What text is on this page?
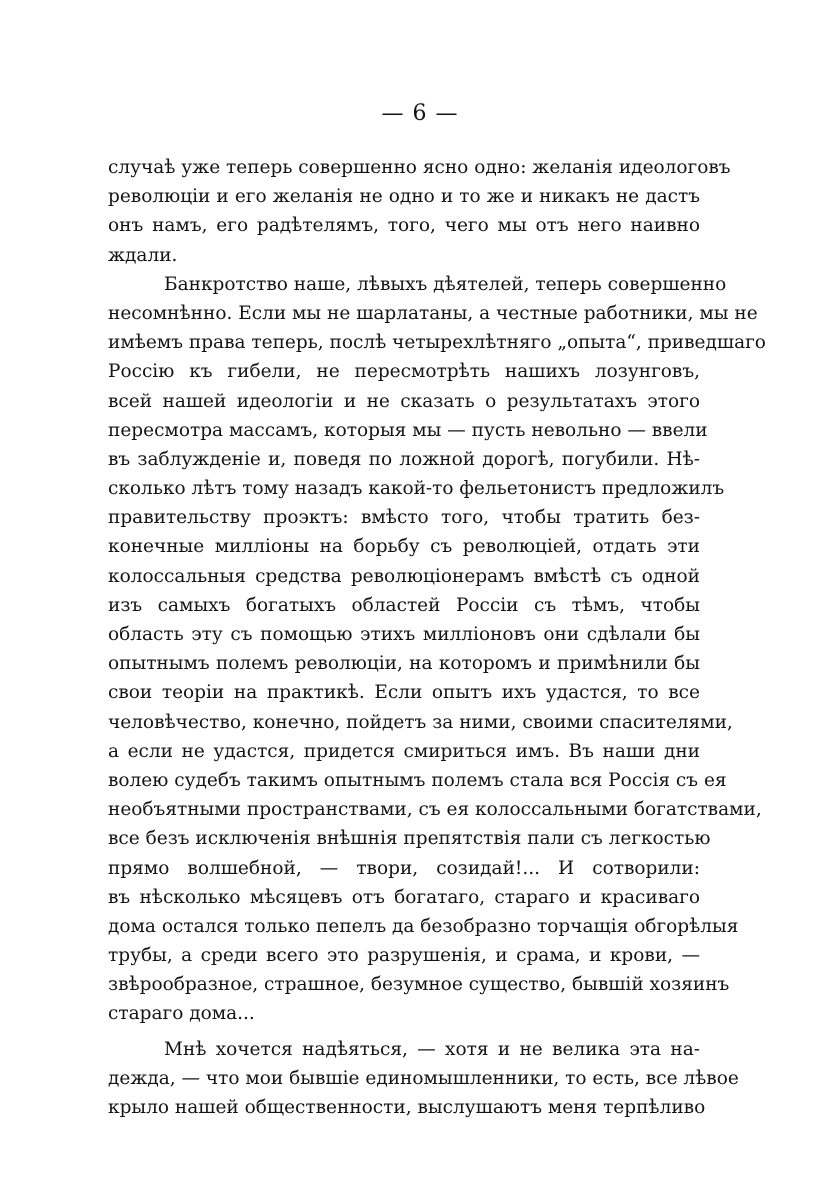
— 6 —
случаѣ уже теперь совершенно ясно одно: желанія идеологовъ
революціи и его желанія не одно и то же и никакъ не дастъ
онъ намъ, его радѣтелямъ, того, чего мы отъ него наивно
ждали.
Банкротство наше, лѣвыхъ дѣятелей, теперь совершенно
несомнѣнно. Если мы не шарлатаны, а честные работники, мы не
имѣемъ права теперь, послѣ четырехлѣтняго „опыта“, приведшаго
Россію къ гибели, не пересмотрѣть нашихъ лозунговъ,
всей нашей идеологіи и не сказать о результатахъ этого
пересмотра массамъ, которыя мы — пусть невольно — ввели
въ заблужденіе и, поведя по ложной дорогѣ, погубили. Нѣ-
сколько лѣтъ тому назадъ какой-то фельетонистъ предложилъ
правительству проэктъ: вмѣсто того, чтобы тратить без-
конечные милліоны на борьбу съ революціей, отдать эти
колоссальныя средства революціонерамъ вмѣстѣ съ одной
изъ самыхъ богатыхъ областей Россіи съ тѣмъ, чтобы
область эту съ помощью этихъ милліоновъ они сдѣлали бы
опытнымъ полемъ революціи, на которомъ и примѣнили бы
свои теоріи на практикѣ. Если опытъ ихъ удастся, то все
человѣчество, конечно, пойдетъ за ними, своими спасителями,
а если не удастся, придется смириться имъ. Въ наши дни
волею судебъ такимъ опытнымъ полемъ стала вся Россія съ ея
необъятными пространствами, съ ея колоссальными богатствами,
все безъ исключенія внѣшнія препятствія пали съ легкостью
прямо волшебной, — твори, созидай!... И сотворили:
въ нѣсколько мѣсяцевъ отъ богатаго, стараго и красиваго
дома остался только пепелъ да безобразно торчащія обгорѣлыя
трубы, а среди всего это разрушенія, и срама, и крови, —
звѣрообразное, страшное, безумное существо, бывшій хозяинъ
стараго дома...
Мнѣ хочется надѣяться, — хотя и не велика эта на-
дежда, — что мои бывшіе единомышленники, то есть, все лѣвое
крыло нашей общественности, выслушаютъ меня терпѣливо
